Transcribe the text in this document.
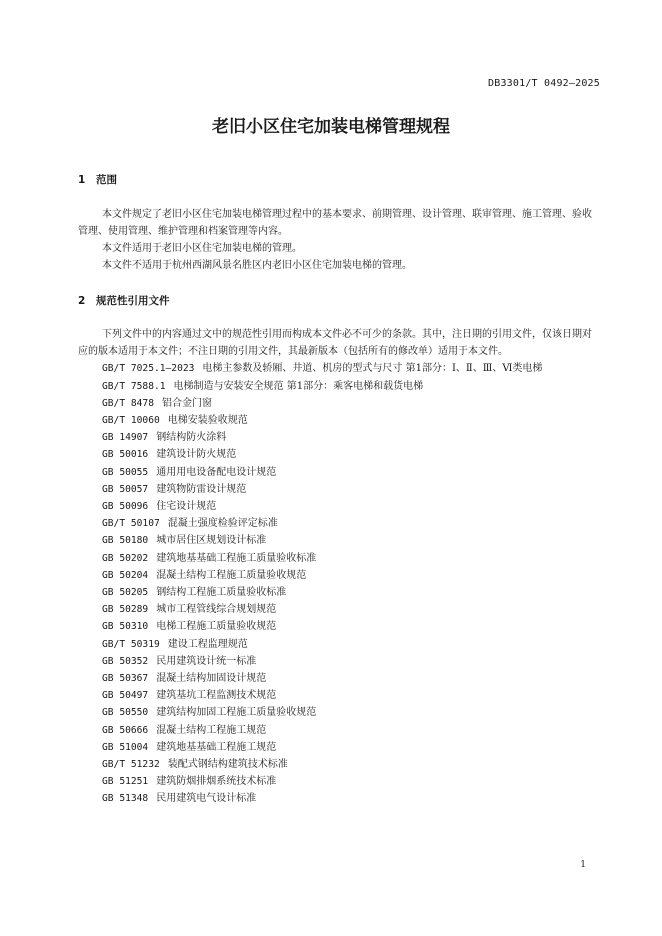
DB3301/T 0492—2025
老旧小区住宅加装电梯管理规程
1 范围

本文件规定了老旧小区住宅加装电梯管理过程中的基本要求、前期管理、设计管理、联审管理、施工管理、验收管理、使用管理、维护管理和档案管理等内容。

本文件适用于老旧小区住宅加装电梯的管理。

本文件不适用于杭州西湖风景名胜区内老旧小区住宅加装电梯的管理。

2 规范性引用文件
下列文件中的内容通过文中的规范性引用而构成本文件必不可少的条款。其中，注日期的引用文件，仅该日期对应的版本适用于本文件；不注日期的引用文件，其最新版本（包括所有的修改单）适用于本文件。
GB/T 7025.1—2023 电梯主参数及轿厢、井道、机房的型式与尺寸 第1部分：Ⅰ、Ⅱ、Ⅲ、Ⅵ类电梯
GB/T 7588.1 电梯制造与安装安全规范 第1部分：乘客电梯和载货电梯
GB/T 8478 铝合金门窗
GB/T 10060 电梯安装验收规范
GB 14907 钢结构防火涂料
GB 50016 建筑设计防火规范
GB 50055 通用用电设备配电设计规范
GB 50057 建筑物防雷设计规范
GB 50096 住宅设计规范
GB/T 50107 混凝土强度检验评定标准
GB 50180 城市居住区规划设计标准
GB 50202 建筑地基基础工程施工质量验收标准
GB 50204 混凝土结构工程施工质量验收规范
GB 50205 钢结构工程施工质量验收标准
GB 50289 城市工程管线综合规划规范
GB 50310 电梯工程施工质量验收规范
GB/T 50319 建设工程监理规范
GB 50352 民用建筑设计统一标准
GB 50367 混凝土结构加固设计规范
GB 50497 建筑基坑工程监测技术规范
GB 50550 建筑结构加固工程施工质量验收规范
GB 50666 混凝土结构工程施工规范
GB 51004 建筑地基基础工程施工规范
GB/T 51232 装配式钢结构建筑技术标准
GB 51251 建筑防烟排烟系统技术标准
GB 51348 民用建筑电气设计标准
1
